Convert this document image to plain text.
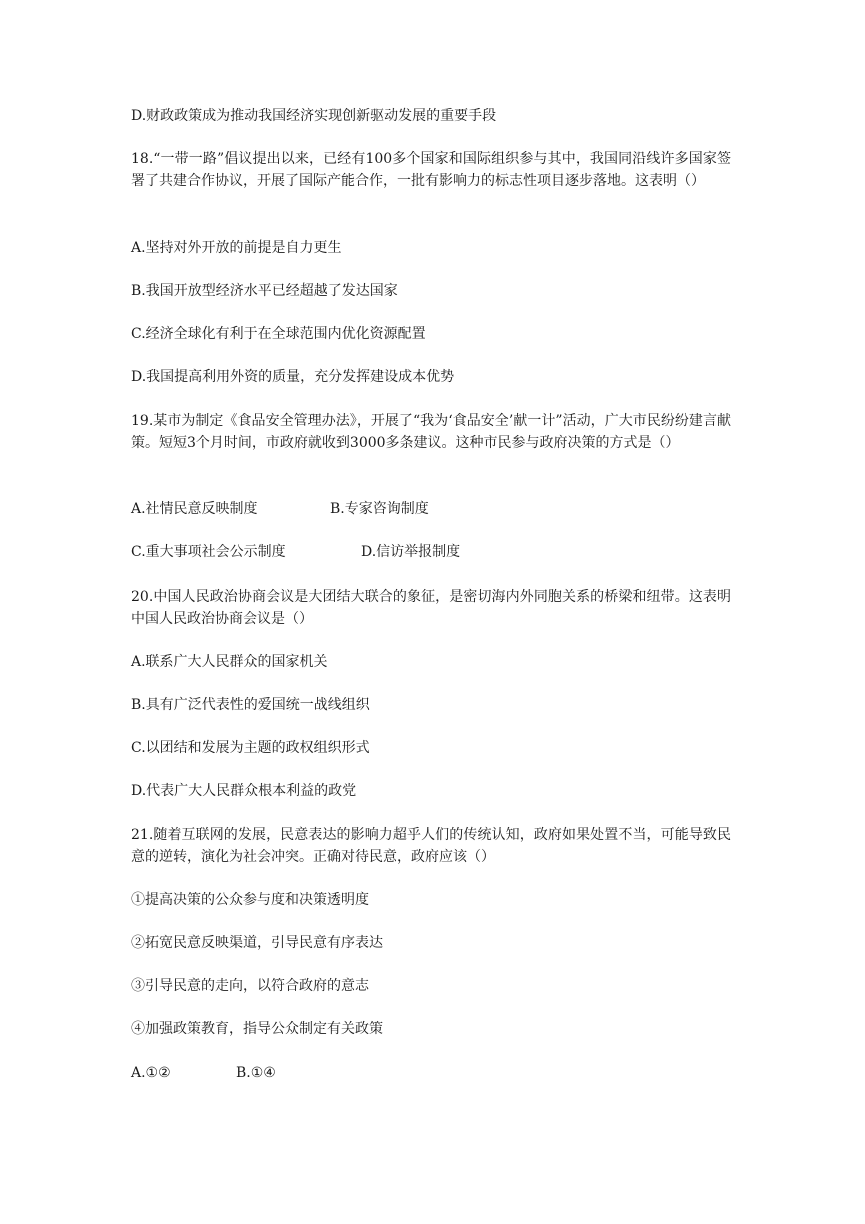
D.财政政策成为推动我国经济实现创新驱动发展的重要手段
18.“一带一路”倡议提出以来，已经有100多个国家和国际组织参与其中，我国同沿线许多国家签署了共建合作协议，开展了国际产能合作，一批有影响力的标志性项目逐步落地。这表明（）
A.坚持对外开放的前提是自力更生
B.我国开放型经济水平已经超越了发达国家
C.经济全球化有利于在全球范围内优化资源配置
D.我国提高利用外资的质量，充分发挥建设成本优势
19.某市为制定《食品安全管理办法》，开展了“我为‘食品安全’献一计”活动，广大市民纷纷建言献策。短短3个月时间，市政府就收到3000多条建议。这种市民参与政府决策的方式是（）
A.社情民意反映制度	B.专家咨询制度
C.重大事项社会公示制度	D.信访举报制度
20.中国人民政治协商会议是大团结大联合的象征，是密切海内外同胞关系的桥梁和纽带。这表明中国人民政治协商会议是（）
A.联系广大人民群众的国家机关
B.具有广泛代表性的爱国统一战线组织
C.以团结和发展为主题的政权组织形式
D.代表广大人民群众根本利益的政党
21.随着互联网的发展，民意表达的影响力超乎人们的传统认知，政府如果处置不当，可能导致民意的逆转，演化为社会冲突。正确对待民意，政府应该（）
①提高决策的公众参与度和决策透明度
②拓宽民意反映渠道，引导民意有序表达
③引导民意的走向，以符合政府的意志
④加强政策教育，指导公众制定有关政策
A.①②	B.①④
